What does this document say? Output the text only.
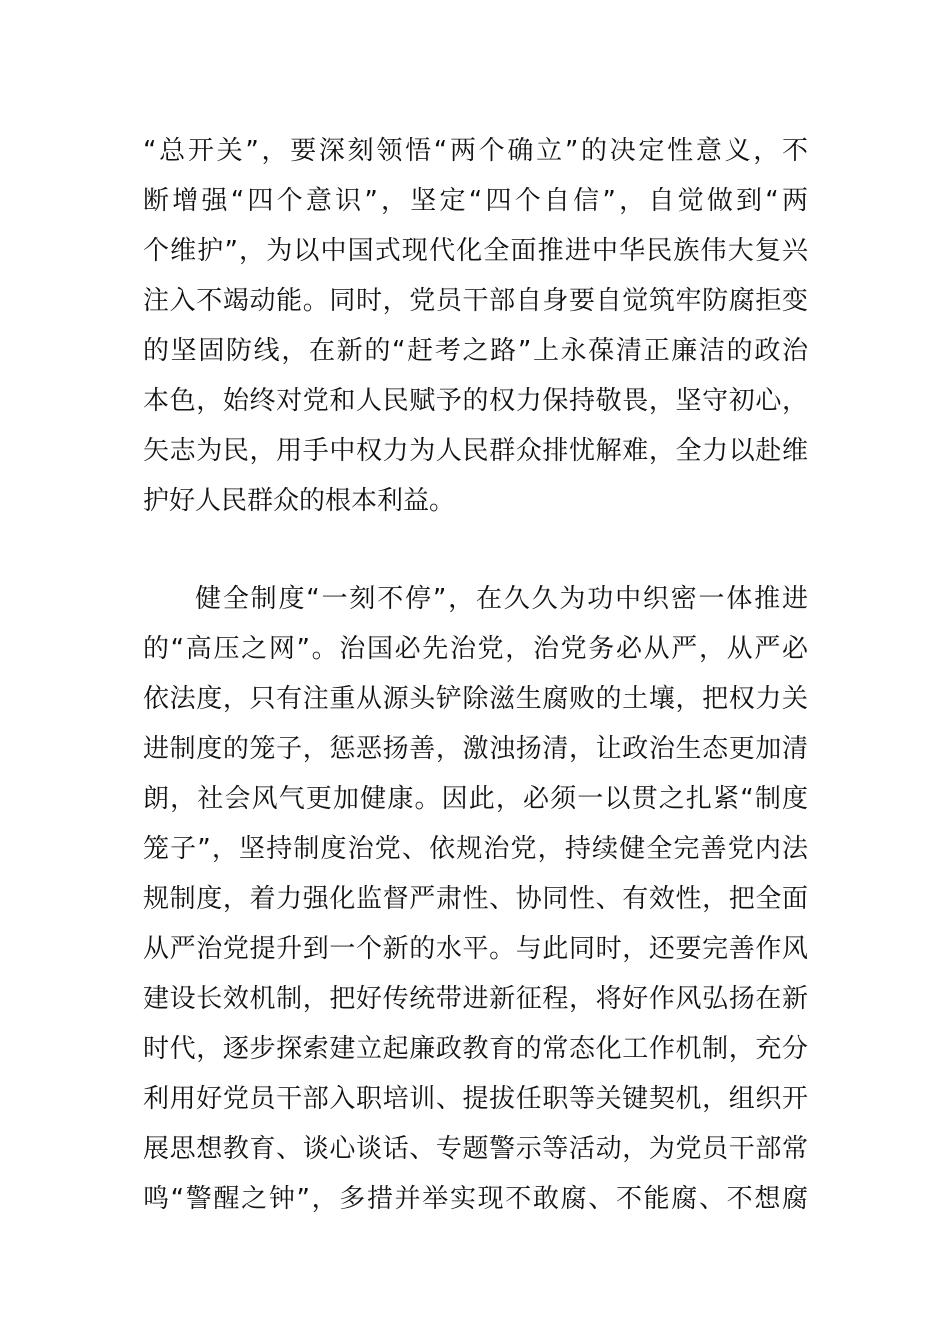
“总开关”，要深刻领悟“两个确立”的决定性意义，不
断增强“四个意识”，坚定“四个自信”，自觉做到“两
个维护”，为以中国式现代化全面推进中华民族伟大复兴
注入不竭动能。同时，党员干部自身要自觉筑牢防腐拒变
的坚固防线，在新的“赶考之路”上永葆清正廉洁的政治
本色，始终对党和人民赋予的权力保持敬畏，坚守初心，
矢志为民，用手中权力为人民群众排忧解难，全力以赴维
护好人民群众的根本利益。
健全制度“一刻不停”，在久久为功中织密一体推进
的“高压之网”。治国必先治党，治党务必从严，从严必
依法度，只有注重从源头铲除滋生腐败的土壤，把权力关
进制度的笼子，惩恶扬善，激浊扬清，让政治生态更加清
朗，社会风气更加健康。因此，必须一以贯之扎紧“制度
笼子”，坚持制度治党、依规治党，持续健全完善党内法
规制度，着力强化监督严肃性、协同性、有效性，把全面
从严治党提升到一个新的水平。与此同时，还要完善作风
建设长效机制，把好传统带进新征程，将好作风弘扬在新
时代，逐步探索建立起廉政教育的常态化工作机制，充分
利用好党员干部入职培训、提拔任职等关键契机，组织开
展思想教育、谈心谈话、专题警示等活动，为党员干部常
鸣“警醒之钟”，多措并举实现不敢腐、不能腐、不想腐
